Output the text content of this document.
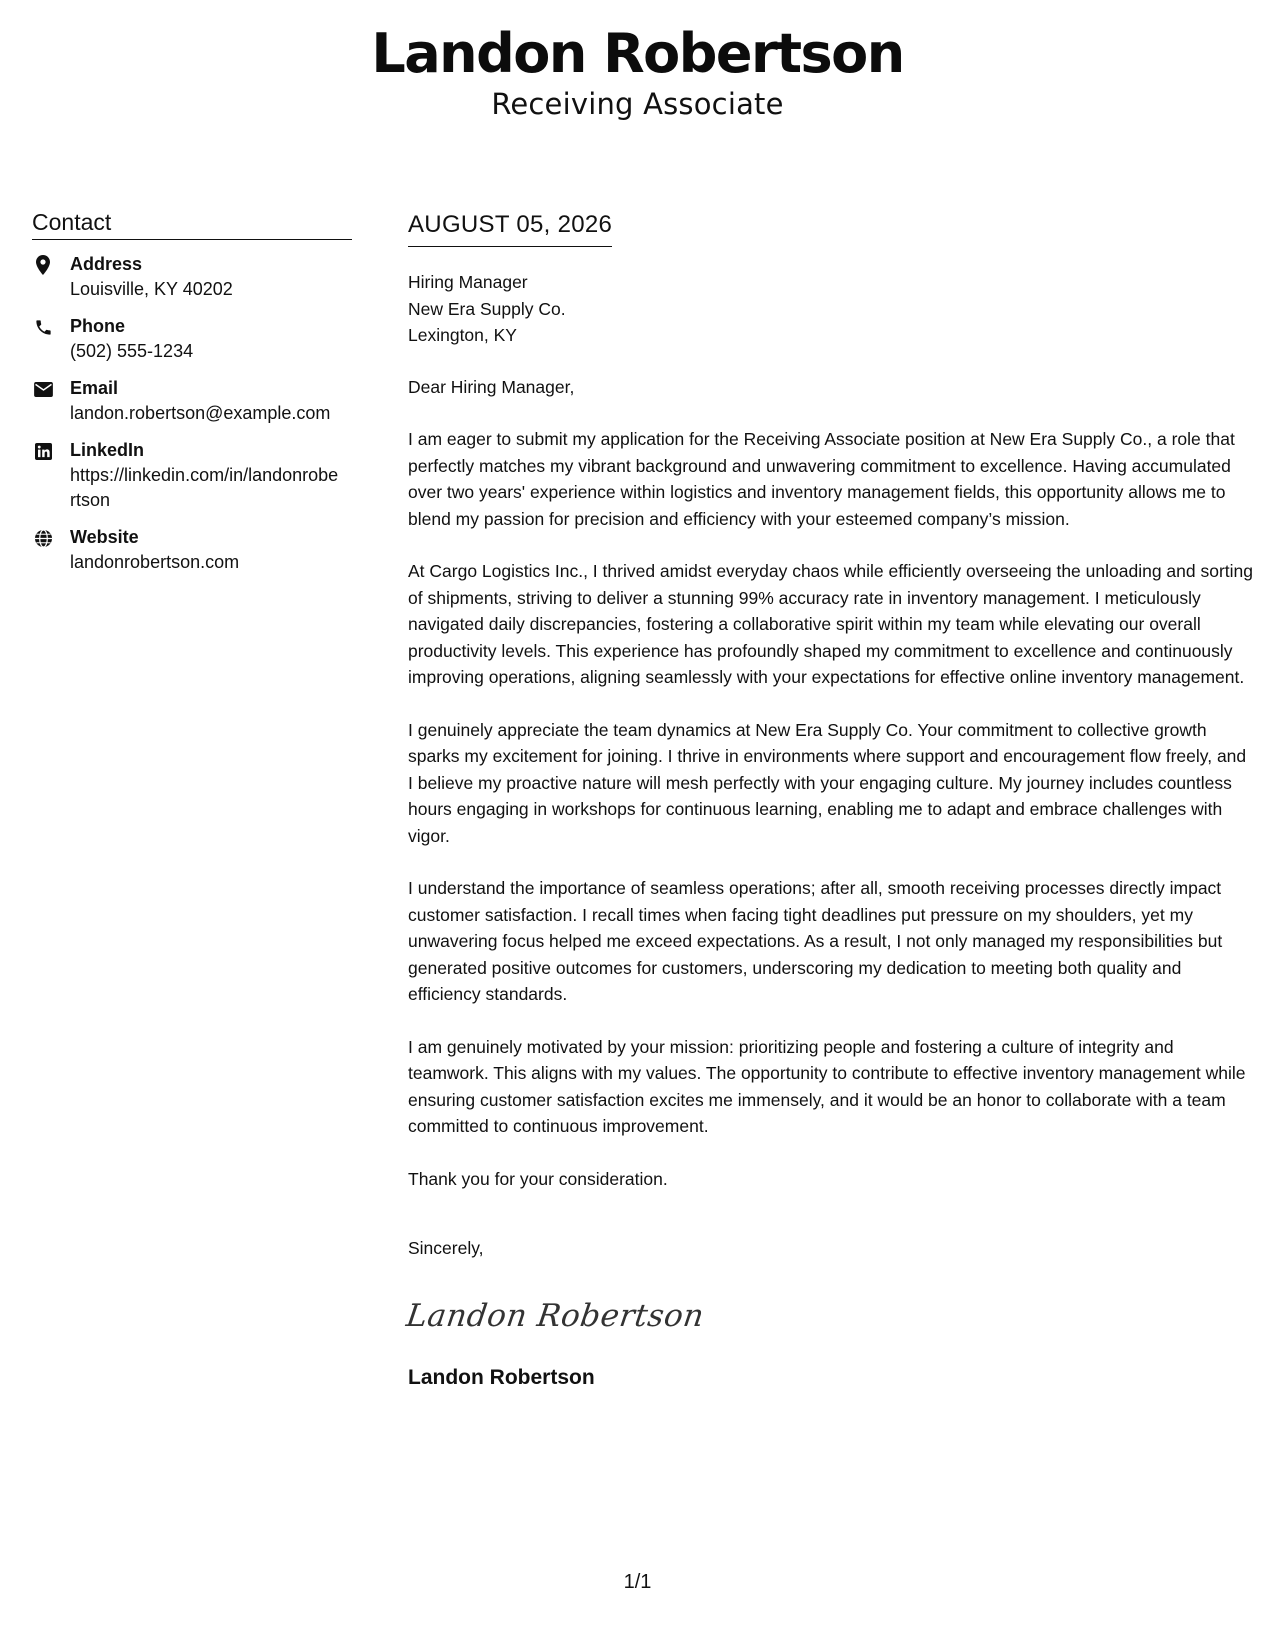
Landon Robertson
Receiving Associate
Contact
Address
Louisville, KY 40202
Phone
(502) 555-1234
Email
landon.robertson@example.com
LinkedIn
https://linkedin.com/in/landonrobertson
Website
landonrobertson.com
AUGUST 05, 2026
Hiring Manager
New Era Supply Co.
Lexington, KY
Dear Hiring Manager,

I am eager to submit my application for the Receiving Associate position at New Era Supply Co., a role that perfectly matches my vibrant background and unwavering commitment to excellence. Having accumulated over two years' experience within logistics and inventory management fields, this opportunity allows me to blend my passion for precision and efficiency with your esteemed company’s mission.

At Cargo Logistics Inc., I thrived amidst everyday chaos while efficiently overseeing the unloading and sorting of shipments, striving to deliver a stunning 99% accuracy rate in inventory management. I meticulously navigated daily discrepancies, fostering a collaborative spirit within my team while elevating our overall productivity levels. This experience has profoundly shaped my commitment to excellence and continuously improving operations, aligning seamlessly with your expectations for effective online inventory management.

I genuinely appreciate the team dynamics at New Era Supply Co. Your commitment to collective growth sparks my excitement for joining. I thrive in environments where support and encouragement flow freely, and I believe my proactive nature will mesh perfectly with your engaging culture. My journey includes countless hours engaging in workshops for continuous learning, enabling me to adapt and embrace challenges with vigor.

I understand the importance of seamless operations; after all, smooth receiving processes directly impact customer satisfaction. I recall times when facing tight deadlines put pressure on my shoulders, yet my unwavering focus helped me exceed expectations. As a result, I not only managed my responsibilities but generated positive outcomes for customers, underscoring my dedication to meeting both quality and efficiency standards.

I am genuinely motivated by your mission: prioritizing people and fostering a culture of integrity and teamwork. This aligns with my values. The opportunity to contribute to effective inventory management while ensuring customer satisfaction excites me immensely, and it would be an honor to collaborate with a team committed to continuous improvement.

Thank you for your consideration.
Sincerely,
Landon Robertson
Landon Robertson
1/1
